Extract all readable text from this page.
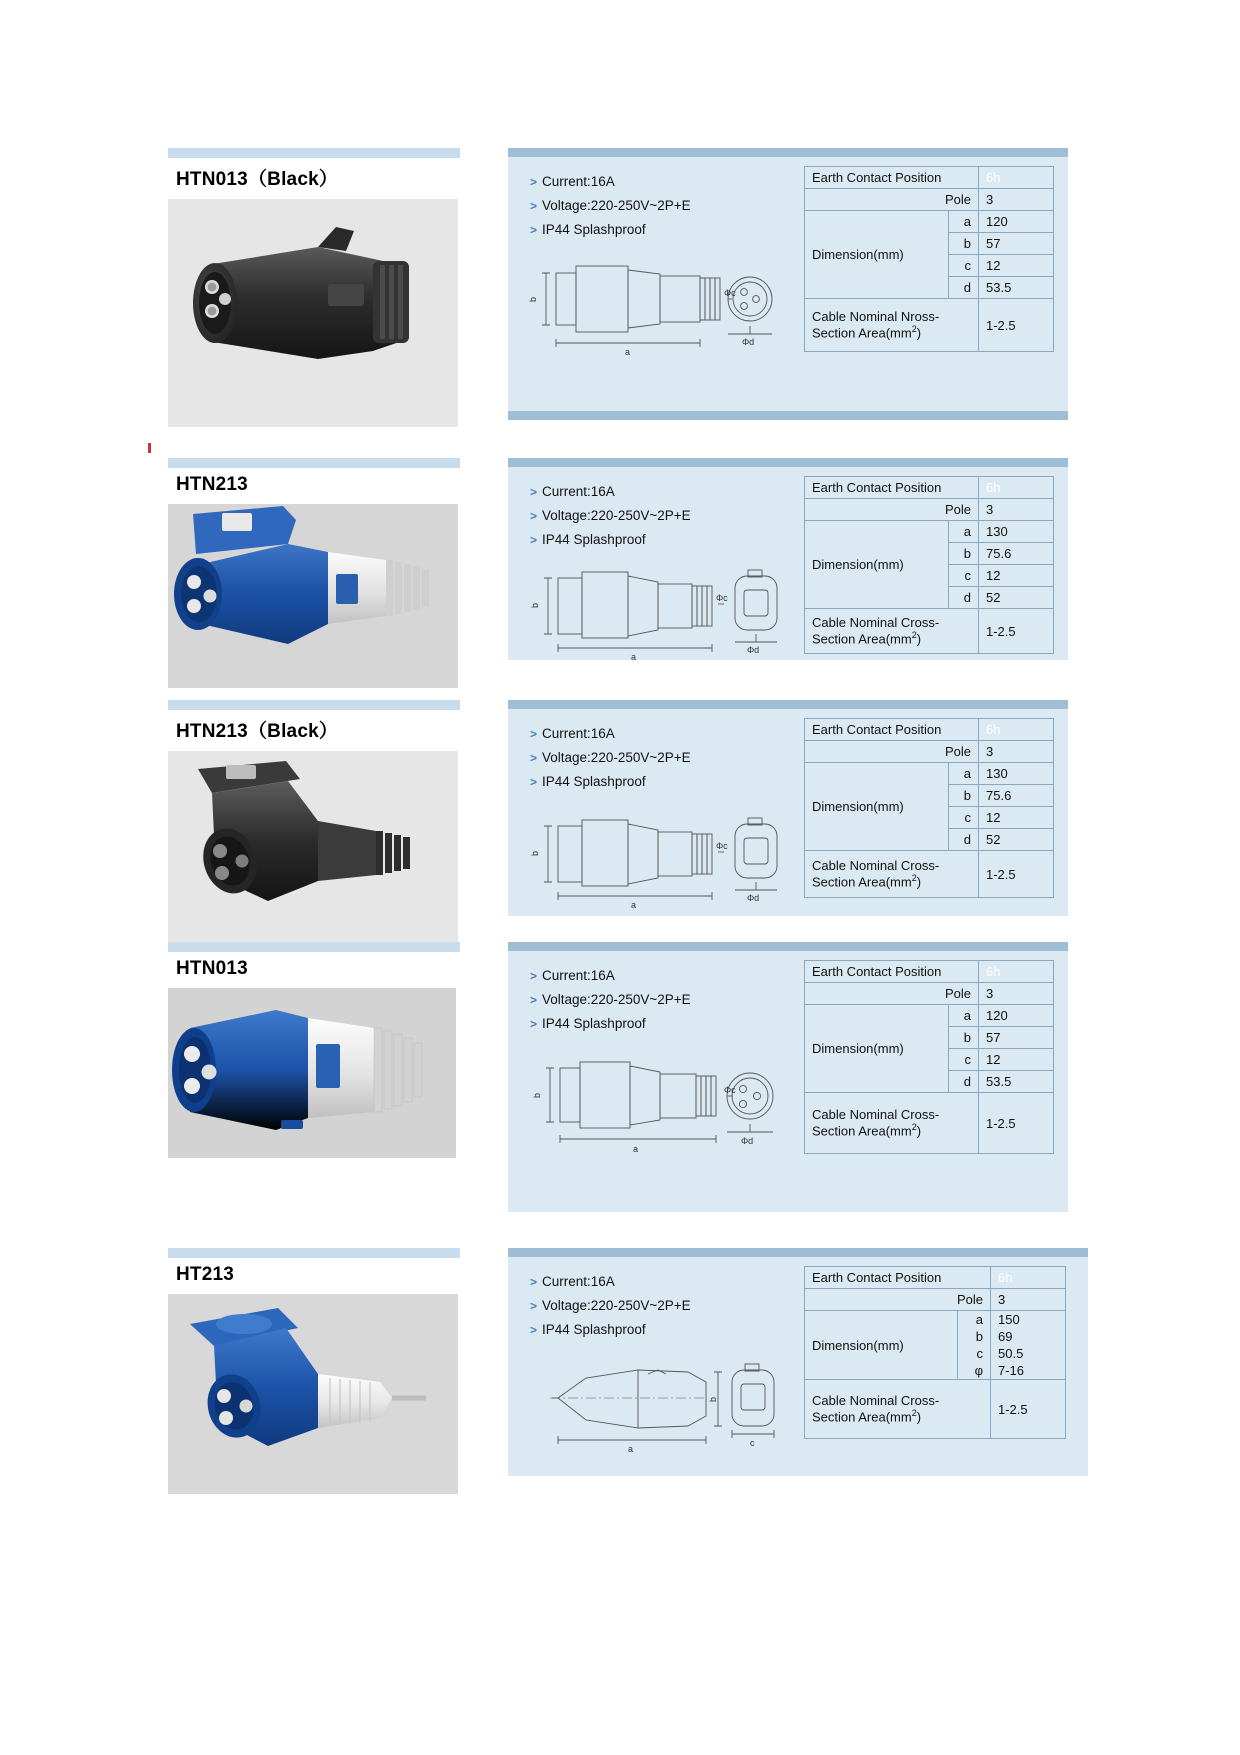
HTN013（Black）	> Current:16A
> Voltage:220-250V~2P+E
> IP44 Splashproof
a
b
Φc
Φd
Earth Contact Position		6h
Pole		3
Dimension(mm)	a	120
	b	57
	c	12
	d	53.5
Cable Nominal Nross-
Section $Area(mm^2)$		1-2.5
HTN213	> Current:16A
> Voltage:220-250V~2P+E
> IP44 Splashproof
a
b
Φc
Φd
Earth Contact Position		6h
Pole		3
Dimension(mm)	a	130
	b	75.6
	c	12
	d	52
Cable Nominal Cross-
Section $Area(mm^2)$		1-2.5
HTN213（Black）	> Current:16A
> Voltage:220-250V~2P+E
> IP44 Splashproof
a
b
Φc
Φd
Earth Contact Position		6h
Pole		3
Dimension(mm)	a	130
	b	75.6
	c	12
	d	52
Cable Nominal Cross-
Section $Area(mm^2)$		1-2.5
HTN013	> Current:16A
> Voltage:220-250V~2P+E
> IP44 Splashproof
a
b
Φc
Φd
Earth Contact Position		6h
Pole		3
Dimension(mm)	a	120
	b	57
	c	12
	d	53.5
Cable Nominal Cross-
Section $Area(mm^2)$		1-2.5
HT213	> Current:16A
> Voltage:220-250V~2P+E
> IP44 Splashproof
a
b
c
Earth Contact Position		6h
Pole		3
Dimension(mm)	a	150
	b	69
	c	50.5
	φ	7-16
Cable Nominal Cross-
Section $Area(mm^2)$		1-2.5
